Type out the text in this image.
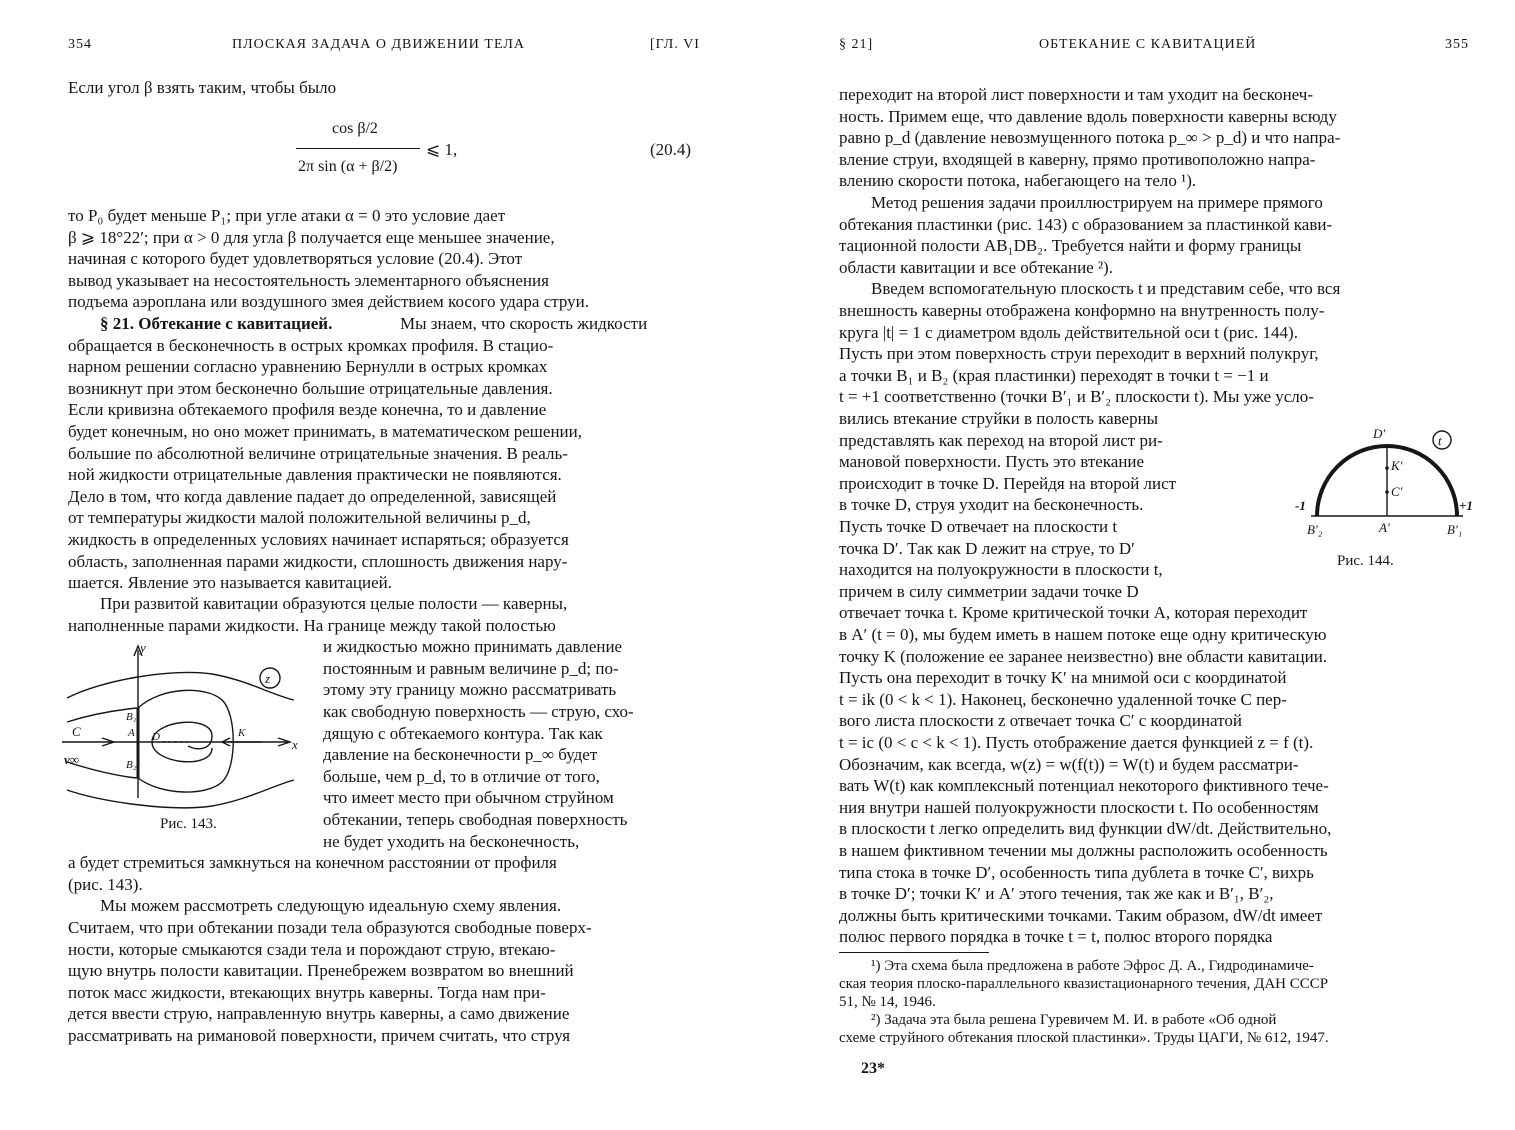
354	ПЛОСКАЯ ЗАДАЧА О ДВИЖЕНИИ ТЕЛА	[ГЛ. VI
Если угол β взять таким, чтобы было
cos β/2
2π sin (α + β/2)
⩽ 1,	(20.4)
то P₀ будет меньше P₁; при угле атаки α = 0 это условие дает
β ⩾ 18°22′; при α > 0 для угла β получается еще меньшее значение,
начиная с которого будет удовлетворяться условие (20.4). Этот
вывод указывает на несостоятельность элементарного объяснения
подъема аэроплана или воздушного змея действием косого удара струи.
§ 21. Обтекание с кавитацией.	Мы знаем, что скорость жидкости
обращается в бесконечность в острых кромках профиля. В стацио-
нарном решении согласно уравнению Бернулли в острых кромках
возникнут при этом бесконечно большие отрицательные давления.
Если кривизна обтекаемого профиля везде конечна, то и давление
будет конечным, но оно может принимать, в математическом решении,
большие по абсолютной величине отрицательные значения. В реаль-
ной жидкости отрицательные давления практически не появляются.
Дело в том, что когда давление падает до определенной, зависящей
от температуры жидкости малой положительной величины p_d,
жидкость в определенных условиях начинает испаряться; образуется
область, заполненная парами жидкости, сплошность движения нару-
шается. Явление это называется кавитацией.
При развитой кавитации образуются целые полости — каверны,
наполненные парами жидкости. На границе между такой полостью
и жидкостью можно принимать давление
постоянным и равным величине p_d; по-
этому эту границу можно рассматривать
как свободную поверхность — струю, схо-
дящую с обтекаемого контура. Так как
давление на бесконечности p_∞ будет
больше, чем p_d, то в отличие от того,
что имеет место при обычном струйном
обтекании, теперь свободная поверхность
не будет уходить на бесконечность,
а будет стремиться замкнуться на конечном расстоянии от профиля
(рис. 143).
Мы можем рассмотреть следующую идеальную схему явления.
Считаем, что при обтекании позади тела образуются свободные поверх-
ности, которые смыкаются сзади тела и порождают струю, втекаю-
щую внутрь полости кавитации. Пренебрежем возвратом во внешний
поток масс жидкости, втекающих внутрь каверны. Тогда нам при-
дется ввести струю, направленную внутрь каверны, а само движение
рассматривать на римановой поверхности, причем считать, что струя
y
z
x
C
v∞
B₁
A D	K
B₂
Рис. 143.
§ 21]	ОБТЕКАНИЕ С КАВИТАЦИЕЙ	355
переходит на второй лист поверхности и там уходит на бесконеч-
ность. Примем еще, что давление вдоль поверхности каверны всюду
равно p_d (давление невозмущенного потока p_∞ > p_d) и что напра-
вление струи, входящей в каверну, прямо противоположно напра-
влению скорости потока, набегающего на тело ¹).
Метод решения задачи проиллюстрируем на примере прямого
обтекания пластинки (рис. 143) с образованием за пластинкой кави-
тационной полости AB₁DB₂. Требуется найти и форму границы
области кавитации и все обтекание ²).
Введем вспомогательную плоскость t и представим себе, что вся
внешность каверны отображена конформно на внутренность полу-
круга |t| = 1 с диаметром вдоль действительной оси t (рис. 144).
Пусть при этом поверхность струи переходит в верхний полукруг,
а точки B₁ и B₂ (края пластинки) переходят в точки t = −1 и
t = +1 соответственно (точки B′₁ и B′₂ плоскости t). Мы уже усло-
вились втекание струйки в полость каверны
представлять как переход на второй лист ри-
мановой поверхности. Пусть это втекание
происходит в точке D. Перейдя на второй лист
в точке D, струя уходит на бесконечность.
Пусть точке D отвечает на плоскости t
точка D′. Так как D лежит на струе, то D′
находится на полуокружности в плоскости t,
причем в силу симметрии задачи точке D
отвечает точка t. Кроме критической точки A, которая переходит
в A′ (t = 0), мы будем иметь в нашем потоке еще одну критическую
точку K (положение ее заранее неизвестно) вне области кавитации.
Пусть она переходит в точку K′ на мнимой оси с координатой
t = ik (0 < k < 1). Наконец, бесконечно удаленной точке C пер-
вого листа плоскости z отвечает точка C′ с координатой
t = ic (0 < c < k < 1). Пусть отображение дается функцией z = f (t).
Обозначим, как всегда, w(z) = w(f(t)) = W(t) и будем рассматри-
вать W(t) как комплексный потенциал некоторого фиктивного тече-
ния внутри нашей полуокружности плоскости t. По особенностям
в плоскости t легко определить вид функции dW/dt. Действительно,
в нашем фиктивном течении мы должны расположить особенность
типа стока в точке D′, особенность типа дублета в точке C′, вихрь
в точке D′; точки K′ и A′ этого течения, так же как и B′₁, B′₂,
должны быть критическими точками. Таким образом, dW/dt имеет
полюс первого порядка в точке t = t, полюс второго порядка
¹) Эта схема была предложена в работе Эфрос Д. А., Гидродинамиче-
ская теория плоско-параллельного квазистационарного течения, ДАН СССР
51, № 14, 1946.
²) Задача эта была решена Гуревичем М. И. в работе «Об одной
схеме струйного обтекания плоской пластинки». Труды ЦАГИ, № 612, 1947.
23*
t
D′
K′
C′
A′
-1	+1
B′₂	B′₁
Рис. 144.
